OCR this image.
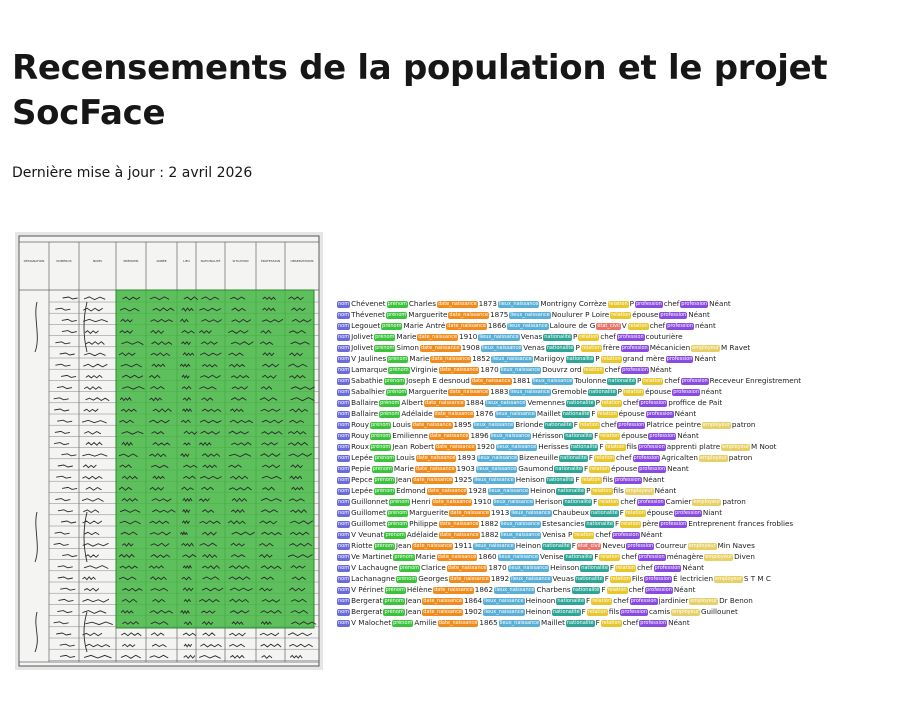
Recensements de la population et le projet SocFace

Dernière mise à jour : 2 avril 2026

DÉSIGNATION	NUMÉROS	NOMS	PRÉNOMS	ANNÉE	LIEU	NATIONALITÉ	SITUATION	PROFESSION	OBSERVATIONS
nom Chévenet prénom Charles date_naissance 1873 lieux_naissance Montrigny Corrèze relation P profession chef profession Néant
nom Thévenet prénom Marguerite date_naissance 1875 lieux_naissance Noulurer P Loire relation épouse profession Néant
nom Legouet prénom Marie Antré date_naissance 1866 lieux_naissance Laloure de G état_civil V relation chef profession néant
nom Jolivet prénom Marie date_naissance 1910 lieux_naissance Venas nationalité P relation chef profession couturière
nom Jolivet prénom Simon date_naissance 1908 lieux_naissance Venas nationalité P relation frère profession Mécanicien employeur M Ravet
nom V Jaulines prénom Marie date_naissance 1852 lieux_naissance Mariigoy nationalité P relation grand mère profession Néant
nom Lamarque prénom Virginie date_naissance 1870 lieux_naissance Douvrz ord relation chef profession Néant
nom Sabathie prénom Joseph E desnoud date_naissance 1881 lieux_naissance Toulonne nationalité P relation chef profession Receveur Enregistrement
nom Sabalhier prénom Marguerite date_naissance 1883 lieux_naissance Gremoble nationalité P relation épouse profession néant
nom Ballaire prénom Albert date_naissance 1884 lieux_naissance Vemennes nationalité P relation chef profession proffice de Pait
nom Ballaire prénom Adélaide date_naissance 1876 lieux_naissance Maillet nationalité F relation épouse profession Néant
nom Rouy prénom Louis date_naissance 1895 lieux_naissance Brionde nationalité F relation chef profession Platrice peintre employeur patron
nom Rouy prénom Emilienne date_naissance 1896 lieux_naissance Hérisson nationalité F relation épouse profession Néant
nom Roux prénom Jean Robert date_naissance 1920 lieux_naissance Herisses nationalité F relation fils profession apprenti platre employeur M Noot
nom Lepée prénom Louis date_naissance 1893 lieux_naissance Bizeneuille nationalité F relation chef profession Agricalten employeur patron
nom Pepie prénom Marie date_naissance 1903 lieux_naissance Gaumond nationalité F relation épouse profession Neant
nom Pepce prénom Jean date_naissance 1925 lieux_naissance Henison nationalité F relation fils profession Néant
nom Lepée prénom Edmond date_naissance 1928 lieux_naissance Heinon nationalité P relation fils employeur Néant
nom Guillonnet prénom Henri date_naissance 1910 lieux_naissance Herison nationalité F relation chef profession Camier employeur patron
nom Guillomet prénom Marguerite date_naissance 1913 lieux_naissance Chaubeux nationalité F relation épouse profession Niant
nom Guillomet prénom Philippe date_naissance 1882 lieux_naissance Estesancies nationalité F relation père profession Entreprenent frances froblies
nom V Veunat prénom Adélaide date_naissance 1882 lieux_naissance Venisa P relation chef profession Néant
nom Riotte prénom Jean date_naissance 1911 lieux_naissance Heinon nationalité F état_civil Neveu profession Courreur employeur Min Naves
nom Ve Martinet prénom Marie date_naissance 1860 lieux_naissance Venise nationalité F relation chef profession ménagère employeur Diven
nom V Lachaugne prénom Clarice date_naissance 1870 lieux_naissance Heinson nationalité F relation chef profession Néant
nom Lachanagne prénom Georges date_naissance 1892 lieux_naissance Veuas nationalité F relation Fils profession É lectricien employeur S T M C
nom V Périnet prénom Hélène date_naissance 1862 lieux_naissance Charbens nationalité F relation chef profession Néant
nom Bergerat prénom Jean date_naissance 1864 lieux_naissance Heinoon nationalité F relation chef profession jardinier employeur Dr Benon
nom Bergerat prénom Jean date_naissance 1902 lieux_naissance Heinon nationalité F relation fils profession camis employeur Guillounet
nom V Malochet prénom Amilie date_naissance 1865 lieux_naissance Maillet nationalité F relation chef profession Néant
